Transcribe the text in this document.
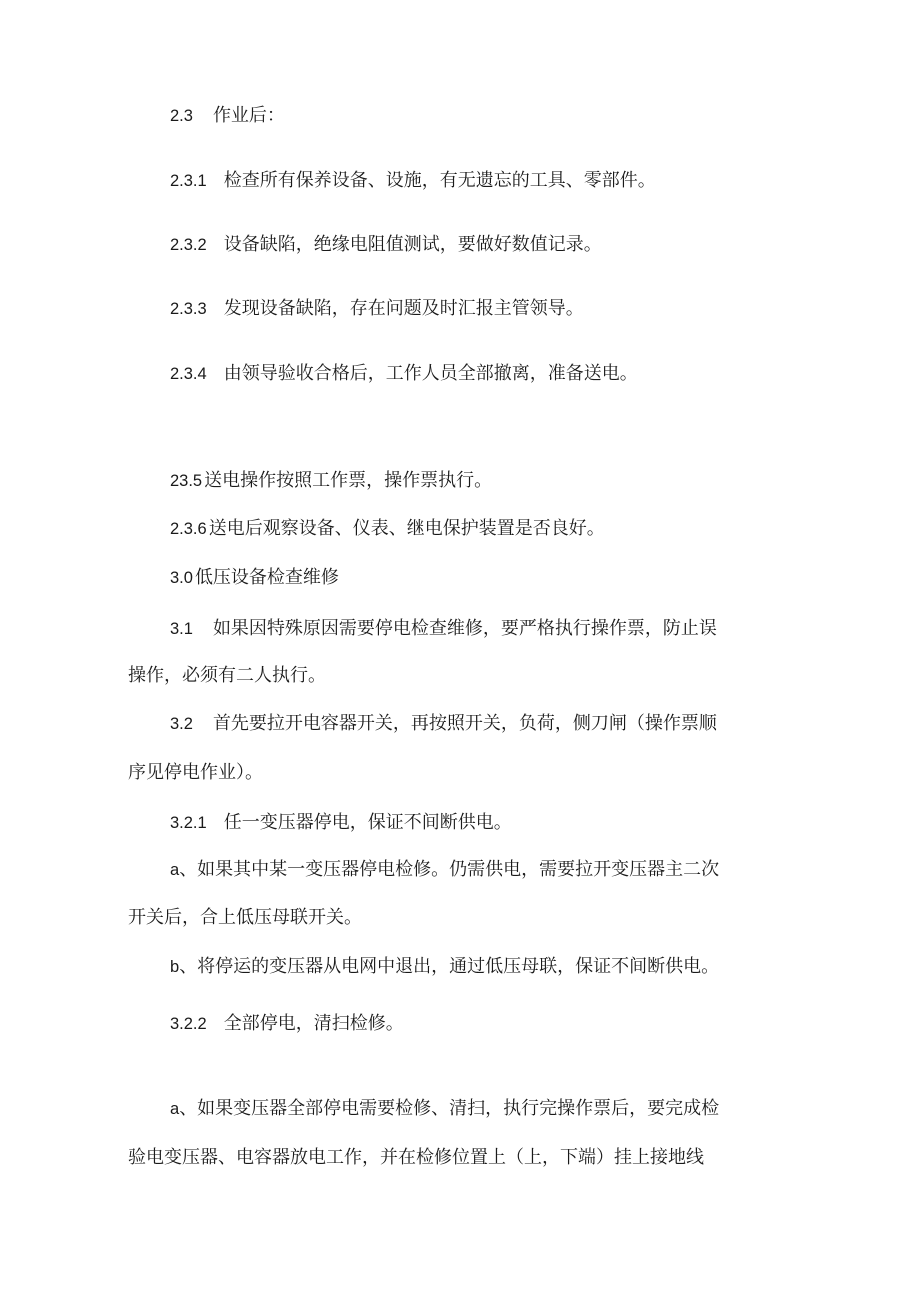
2.3 作业后：
2.3.1 检查所有保养设备、设施，有无遗忘的工具、零部件。
2.3.2 设备缺陷，绝缘电阻值测试，要做好数值记录。
2.3.3 发现设备缺陷，存在问题及时汇报主管领导。
2.3.4 由领导验收合格后，工作人员全部撤离，准备送电。
23.5 送电操作按照工作票，操作票执行。
2.3.6 送电后观察设备、仪表、继电保护装置是否良好。
3.0 低压设备检查维修
3.1 如果因特殊原因需要停电检查维修，要严格执行操作票，防止误
操作，必须有二人执行。
3.2 首先要拉开电容器开关，再按照开关，负荷，侧刀闸（操作票顺
序见停电作业）。
3.2.1 任一变压器停电，保证不间断供电。
a、如果其中某一变压器停电检修。仍需供电，需要拉开变压器主二次
开关后，合上低压母联开关。
b、将停运的变压器从电网中退出，通过低压母联，保证不间断供电。
3.2.2 全部停电，清扫检修。
a、如果变压器全部停电需要检修、清扫，执行完操作票后，要完成检
验电变压器、电容器放电工作，并在检修位置上（上，下端）挂上接地线
